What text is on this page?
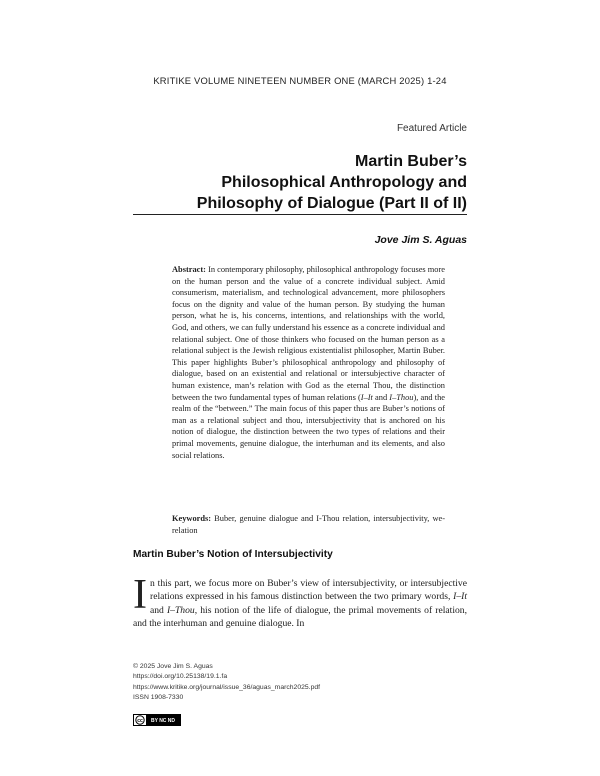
KRITIKE VOLUME NINETEEN NUMBER ONE (MARCH 2025) 1-24
Featured Article
Martin Buber’s
Philosophical Anthropology and
Philosophy of Dialogue (Part II of II)
Jove Jim S. Aguas
Abstract: In contemporary philosophy, philosophical anthropology focuses more on the human person and the value of a concrete individual subject. Amid consumerism, materialism, and technological advancement, more philosophers focus on the dignity and value of the human person. By studying the human person, what he is, his concerns, intentions, and relationships with the world, God, and others, we can fully understand his essence as a concrete individual and relational subject. One of those thinkers who focused on the human person as a relational subject is the Jewish religious existentialist philosopher, Martin Buber. This paper highlights Buber’s philosophical anthropology and philosophy of dialogue, based on an existential and relational or intersubjective character of human existence, man’s relation with God as the eternal Thou, the distinction between the two fundamental types of human relations (I–It and I–Thou), and the realm of the “between.” The main focus of this paper thus are Buber’s notions of man as a relational subject and thou, intersubjectivity that is anchored on his notion of dialogue, the distinction between the two types of relations and their primal movements, genuine dialogue, the interhuman and its elements, and also social relations.
Keywords: Buber, genuine dialogue and I-Thou relation, intersubjectivity, we-relation
Martin Buber’s Notion of Intersubjectivity
In this part, we focus more on Buber’s view of intersubjectivity, or intersubjective relations expressed in his famous distinction between the two primary words, I–It and I–Thou, his notion of the life of dialogue, the primal movements of relation, and the interhuman and genuine dialogue. In
© 2025 Jove Jim S. Aguas
https://doi.org/10.25138/19.1.fa
https://www.kritike.org/journal/issue_36/aguas_march2025.pdf
ISSN 1908-7330
cc BY NC ND
